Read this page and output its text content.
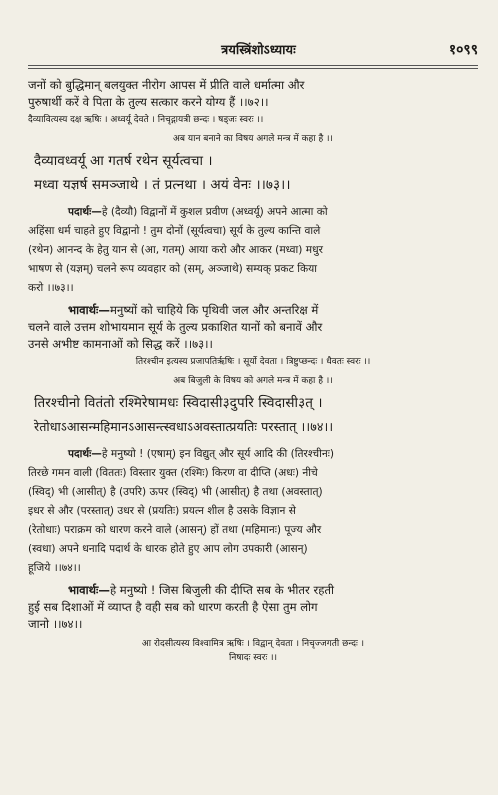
त्रयस्त्रिंशोऽध्यायः	१०९९

जनों को बुद्धिमान् बलयुक्त नीरोग आपस में प्रीति वाले धर्मात्मा और

पुरुषार्थी करें वे पिता के तुल्य सत्कार करने योग्य हैं ।।७२।।

दैव्यावित्यस्य दक्ष ऋषिः । अध्वर्यू देवते । निचृद्गायत्री छन्दः । षड्जः स्वरः ।।

अब यान बनाने का विषय अगले मन्त्र में कहा है ।।

दैव्यावध्वर्यू आ गतर्ष रथेन सूर्यत्वचा ।

मध्वा यज्ञर्ष समञ्जाथे । तं प्रत्नथा । अयं वेनः ।।७३।।

पदार्थः—हे (दैव्यौ) विद्वानों में कुशल प्रवीण (अध्वर्यू) अपने आत्मा को

अहिंसा धर्म चाहते हुए विद्वानो ! तुम दोनों (सूर्यत्वचा) सूर्य के तुल्य कान्ति वाले

(रथेन) आनन्द के हेतु यान से (आ, गतम्) आया करो और आकर (मध्वा) मधुर

भाषण से (यज्ञम्) चलने रूप व्यवहार को (सम्, अञ्जाथे) सम्यक् प्रकट किया

करो ।।७३।।

भावार्थः—मनुष्यों को चाहिये कि पृथिवी जल और अन्तरिक्ष में

चलने वाले उत्तम शोभायमान सूर्य के तुल्य प्रकाशित यानों को बनावें और

उनसे अभीष्ट कामनाओं को सिद्ध करें ।।७३।।

तिरश्चीन इत्यस्य प्रजापतिर्ऋषिः । सूर्यो देवता । त्रिष्टुप्छन्दः । धैवतः स्वरः ।।

अब बिजुली के विषय को अगले मन्त्र में कहा है ।।

तिरश्चीनो वितंतो रश्मिरेषामधः स्विदासी३दुपरि स्विदासी३त् ।

रेतोधाऽआसन्महिमानऽआसन्त्स्वधाऽअवस्तात्प्रयतिः परस्तात् ।।७४।।

पदार्थः—हे मनुष्यो ! (एषाम्) इन विद्युत् और सूर्य आदि की (तिरश्चीनः)

तिरछे गमन वाली (विततः) विस्तार युक्त (रश्मिः) किरण वा दीप्ति (अधः) नीचे

(स्विद्) भी (आसीत्) है (उपरि) ऊपर (स्विद्) भी (आसीत्) है तथा (अवस्तात्)

इधर से और (परस्तात्) उधर से (प्रयतिः) प्रयत्न शील है उसके विज्ञान से

(रेतोधाः) पराक्रम को धारण करने वाले (आसन्) हों तथा (महिमानः) पूज्य और

(स्वधा) अपने धनादि पदार्थ के धारक होते हुए आप लोग उपकारी (आसन्)

हूजिये ।।७४।।

भावार्थः—हे मनुष्यो ! जिस बिजुली की दीप्ति सब के भीतर रहती

हुई सब दिशाओं में व्याप्त है वही सब को धारण करती है ऐसा तुम लोग

जानो ।।७४।।

आ रोदसीत्यस्य विश्वामित्र ऋषिः । विद्वान् देवता । निचृज्जगती छन्दः ।

निषादः स्वरः ।।
